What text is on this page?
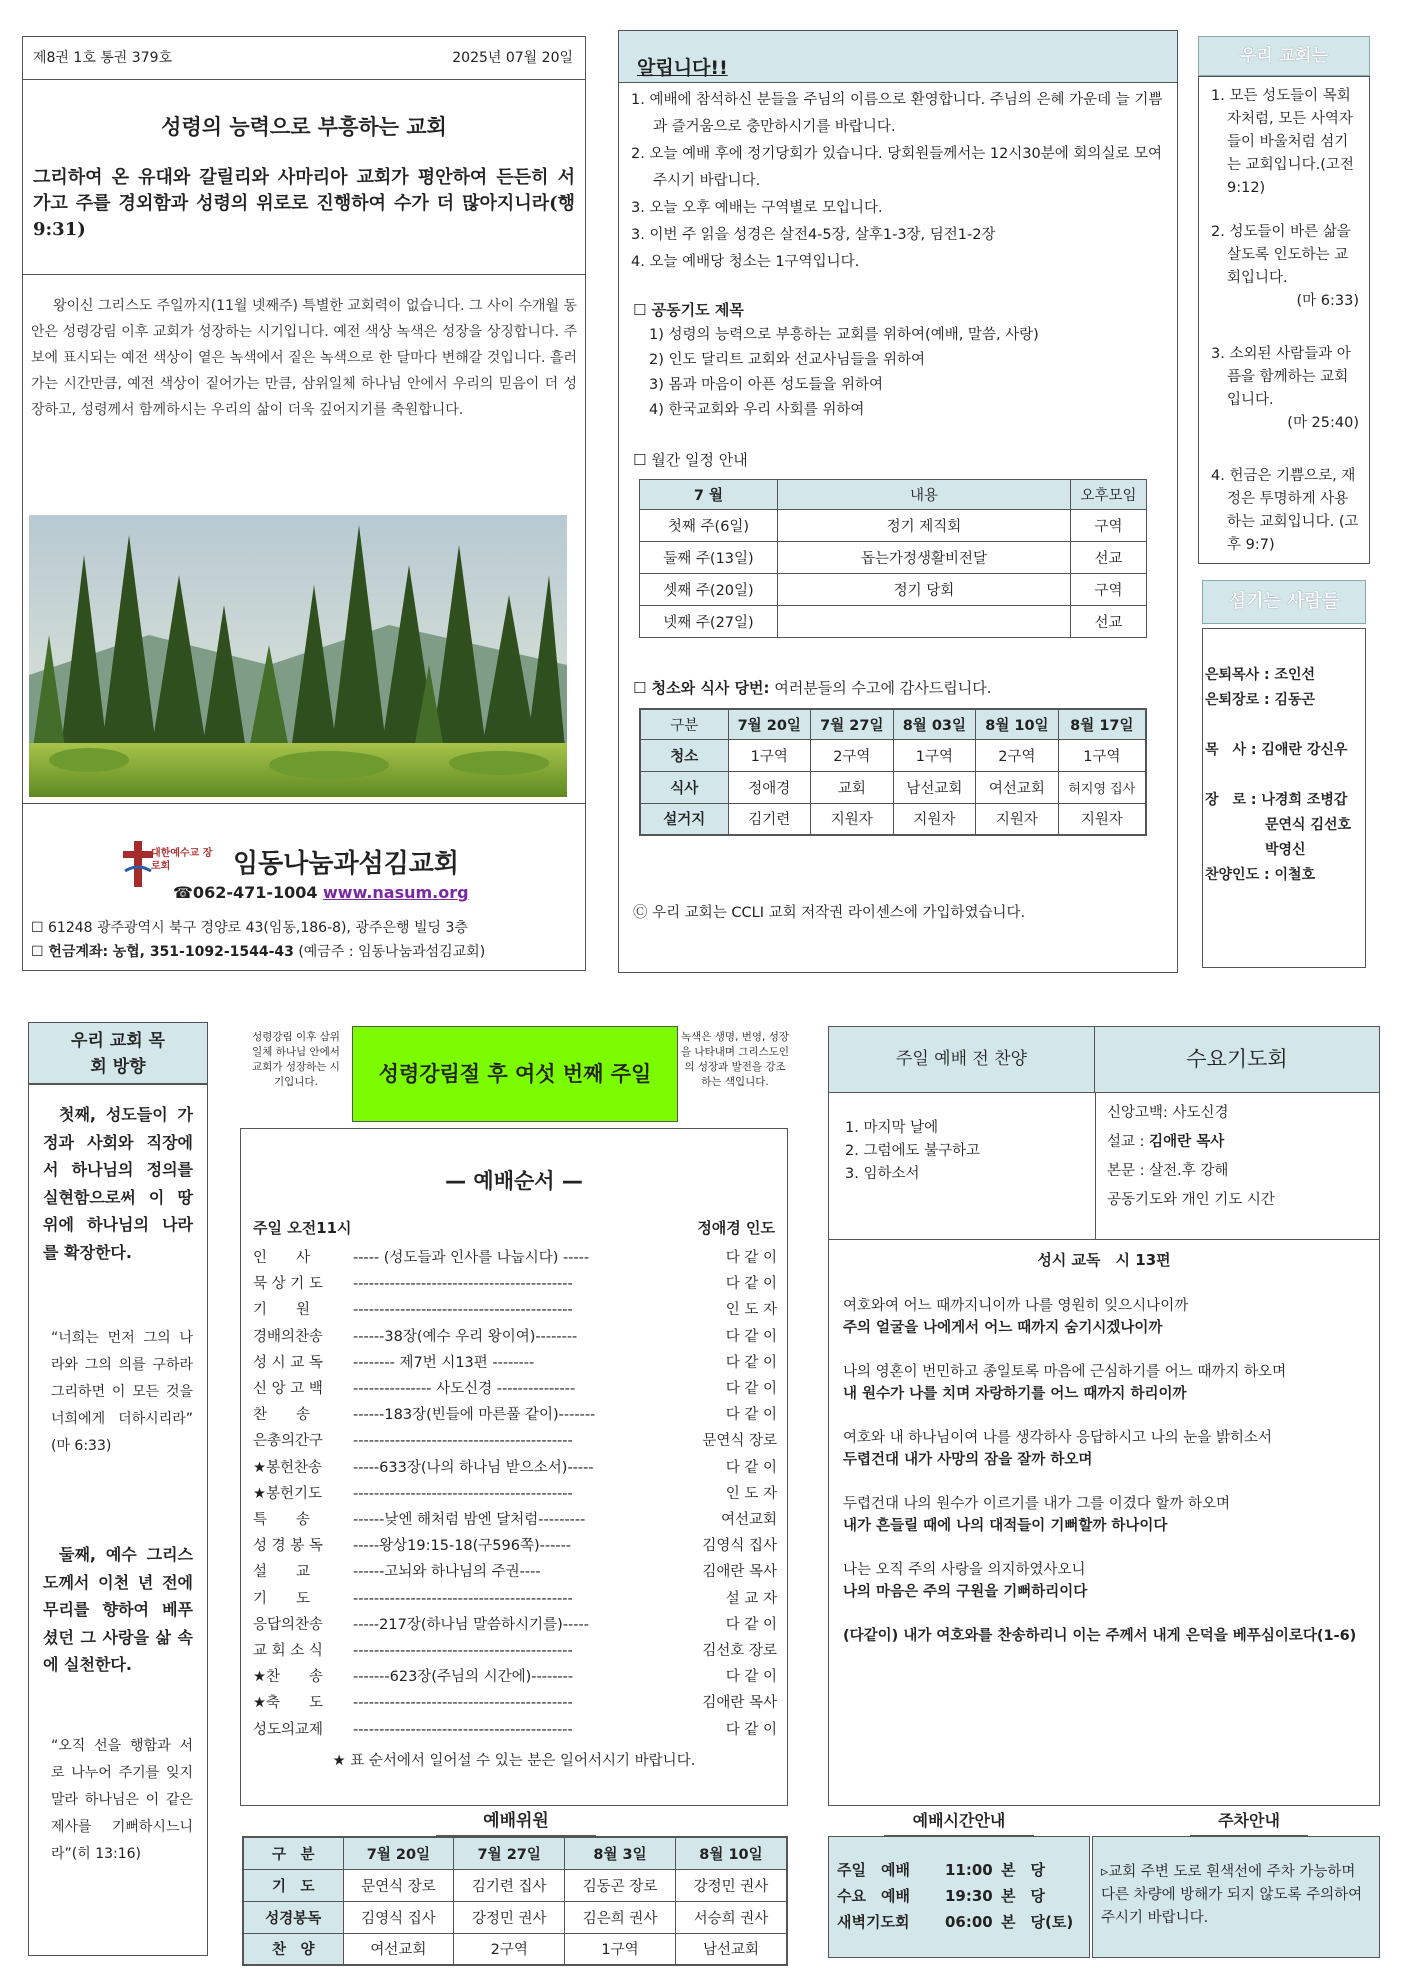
제8권 1호 통권 379호	2025년 07월 20일
성령의 능력으로 부흥하는 교회
그리하여 온 유대와 갈릴리와 사마리아 교회가 평안하여 든든히 서 가고 주를 경외함과 성령의 위로로 진행하여 수가 더 많아지니라(행9:31)
왕이신 그리스도 주일까지(11월 넷째주) 특별한 교회력이 없습니다. 그 사이 수개월 동안은 성령강림 이후 교회가 성장하는 시기입니다. 예전 색상 녹색은 성장을 상징합니다. 주보에 표시되는 예전 색상이 옅은 녹색에서 짙은 녹색으로 한 달마다 변해갈 것입니다. 흘러가는 시간만큼, 예전 색상이 짙어가는 만큼, 삼위일체 하나님 안에서 우리의 믿음이 더 성장하고, 성령께서 함께하시는 우리의 삶이 더욱 깊어지기를 축원합니다.
대한예수교 장로회	임동나눔과섬김교회
☎062-471-1004 www.nasum.org
☐ 61248 광주광역시 북구 경양로 43(임동,186-8), 광주은행 빌딩 3층
☐ 헌금계좌: 농협, 351-1092-1544-43 (예금주 : 임동나눔과섬김교회)
알립니다!!
1. 예배에 참석하신 분들을 주님의 이름으로 환영합니다. 주님의 은혜 가운데 늘 기쁨과 즐거움으로 충만하시기를 바랍니다.
2. 오늘 예배 후에 정기당회가 있습니다. 당회원들께서는 12시30분에 회의실로 모여주시기 바랍니다.
3. 오늘 오후 예배는 구역별로 모입니다.
3. 이번 주 읽을 성경은 살전4-5장, 살후1-3장, 딤전1-2장
4. 오늘 예배당 청소는 1구역입니다.
☐ 공동기도 제목
1) 성령의 능력으로 부흥하는 교회를 위하여(예배, 말씀, 사랑)
2) 인도 달리트 교회와 선교사님들을 위하여
3) 몸과 마음이 아픈 성도들을 위하여
4) 한국교회와 우리 사회를 위하여
☐ 월간 일정 안내
7 월	내용	오후모임
첫째 주(6일)	정기 제직회	구역
둘째 주(13일)	돕는가정생활비전달	선교
셋째 주(20일)	정기 당회	구역
넷째 주(27일)		선교
☐ 청소와 식사 당번: 여러분들의 수고에 감사드립니다.
구분	7월 20일	7월 27일	8월 03일	8월 10일	8월 17일
청소	1구역	2구역	1구역	2구역	1구역
식사	정애경	교회	남선교회	여선교회	허지영 집사
설거지	김기련	지원자	지원자	지원자	지원자
Ⓒ 우리 교회는 CCLI 교회 저작권 라이센스에 가입하였습니다.
우리 교회는
1. 모든 성도들이 목회자처럼, 모든 사역자들이 바울처럼 섬기는 교회입니다.(고전 9:12)
2. 성도들이 바른 삶을 살도록 인도하는 교회입니다.
(마 6:33)
3. 소외된 사람들과 아픔을 함께하는 교회입니다.
(마 25:40)
4. 헌금은 기쁨으로, 재정은 투명하게 사용하는 교회입니다. (고후 9:7)
섬기는 사람들
은퇴목사 : 조인선
은퇴장로 : 김동곤
목　사 : 김애란 강신우
장　로 : 나경희 조병갑
문연식 김선호
박영신
찬양인도 : 이철호
우리 교회 목회 방향
첫째, 성도들이 가정과 사회와 직장에서 하나님의 정의를 실현함으로써 이 땅 위에 하나님의 나라를 확장한다.
“너희는 먼저 그의 나라와 그의 의를 구하라 그리하면 이 모든 것을 너희에게 더하시리라” (마 6:33)
둘째, 예수 그리스도께서 이천 년 전에 무리를 향하여 베푸셨던 그 사랑을 삶 속에 실천한다.
“오직 선을 행함과 서로 나누어 주기를 잊지 말라 하나님은 이 같은 제사를 기뻐하시느니라”(히 13:16)
성령강림 이후 삼위일체 하나님 안에서 교회가 성장하는 시기입니다.	성령강림절 후 여섯 번째 주일
녹색은 생명, 번영, 성장을 나타내며 그리스도인의 성장과 발전을 강조하는 색입니다.
— 예배순서 —
주일 오전11시	정애경 인도
인　　사	----- (성도들과 인사를 나눕시다) -----	다 같 이
묵 상 기 도	------------------------------------------	다 같 이
기　　원	------------------------------------------	인 도 자
경배의찬송	------38장(예수 우리 왕이여)--------	다 같 이
성 시 교 독	-------- 제7번 시13편 --------	다 같 이
신 앙 고 백	--------------- 사도신경 ---------------	다 같 이
찬　　송	------183장(빈들에 마른풀 같이)-------	다 같 이
은총의간구	------------------------------------------	문연식 장로
★봉헌찬송	-----633장(나의 하나님 받으소서)-----	다 같 이
★봉헌기도	------------------------------------------	인 도 자
특　　송	------낮엔 해처럼 밤엔 달처럼---------	여선교회
성 경 봉 독	-----왕상19:15-18(구596쪽)------	김영식 집사
설　　교	------고뇌와 하나님의 주권----	김애란 목사
기　　도	------------------------------------------	설 교 자
응답의찬송	-----217장(하나님 말씀하시기를)-----	다 같 이
교 회 소 식	------------------------------------------	김선호 장로
★찬　　송	-------623장(주님의 시간에)--------	다 같 이
★축　　도	------------------------------------------	김애란 목사
성도의교제	------------------------------------------	다 같 이
★ 표 순서에서 일어설 수 있는 분은 일어서시기 바랍니다.
예배위원
구　분	7월 20일	7월 27일	8월 3일	8월 10일
기　도	문연식 장로	김기련 집사	김동곤 장로	강정민 권사
성경봉독	김영식 집사	강정민 권사	김은희 권사	서승희 권사
찬　양	여선교회	2구역	1구역	남선교회
주일 예배 전 찬양	수요기도회
1. 마지막 날에
2. 그럼에도 불구하고
3. 임하소서
신앙고백: 사도신경
설교 : 김애란 목사
본문 : 살전.후 강해
공동기도와 개인 기도 시간
성시 교독　시 13편
여호와여 어느 때까지니이까 나를 영원히 잊으시나이까
주의 얼굴을 나에게서 어느 때까지 숨기시겠나이까
나의 영혼이 번민하고 종일토록 마음에 근심하기를 어느 때까지 하오며
내 원수가 나를 치며 자랑하기를 어느 때까지 하리이까
여호와 내 하나님이여 나를 생각하사 응답하시고 나의 눈을 밝히소서
두렵건대 내가 사망의 잠을 잘까 하오며
두렵건대 나의 원수가 이르기를 내가 그를 이겼다 할까 하오며
내가 흔들릴 때에 나의 대적들이 기뻐할까 하나이다
나는 오직 주의 사랑을 의지하였사오니
나의 마음은 주의 구원을 기뻐하리이다
(다같이) 내가 여호와를 찬송하리니 이는 주께서 내게 은덕을 베푸심이로다(1-6)
예배시간안내
주일　예배	11:00 본　당
수요　예배	19:30 본　당
새벽기도회	06:00 본　당(토)
주차안내
▹교회 주변 도로 흰색선에 주차 가능하며 다른 차량에 방해가 되지 않도록 주의하여 주시기 바랍니다.
